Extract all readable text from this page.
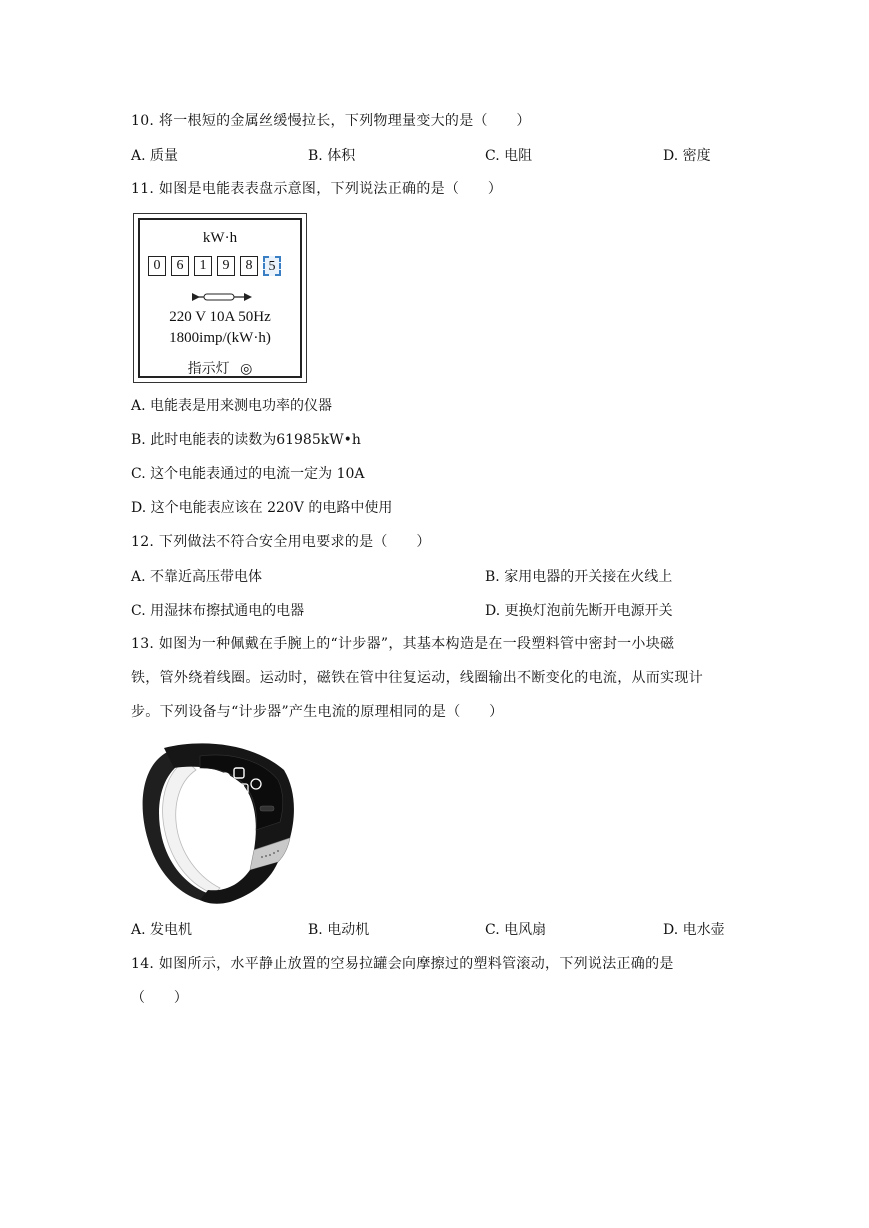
10. 将一根短的金属丝缓慢拉长，下列物理量变大的是（　　）
A. 质量	B. 体积	C. 电阻	D. 密度
11. 如图是电能表表盘示意图，下列说法正确的是（　　）
kW·h
0	6	1	9	8	5
220 V 10A 50Hz
1800imp/(kW·h)
指示灯 ◎
A. 电能表是用来测电功率的仪器
B. 此时电能表的读数为61985kW•h
C. 这个电能表通过的电流一定为 10A
D. 这个电能表应该在 220V 的电路中使用
12. 下列做法不符合安全用电要求的是（　　）
A. 不靠近高压带电体	B. 家用电器的开关接在火线上
C. 用湿抹布擦拭通电的电器	D. 更换灯泡前先断开电源开关
13. 如图为一种佩戴在手腕上的“计步器”，其基本构造是在一段塑料管中密封一小块磁
铁，管外绕着线圈。运动时，磁铁在管中往复运动，线圈输出不断变化的电流，从而实现计
步。下列设备与“计步器”产生电流的原理相同的是（　　）
A. 发电机	B. 电动机	C. 电风扇	D. 电水壶
14. 如图所示，水平静止放置的空易拉罐会向摩擦过的塑料管滚动，下列说法正确的是
（　　）
